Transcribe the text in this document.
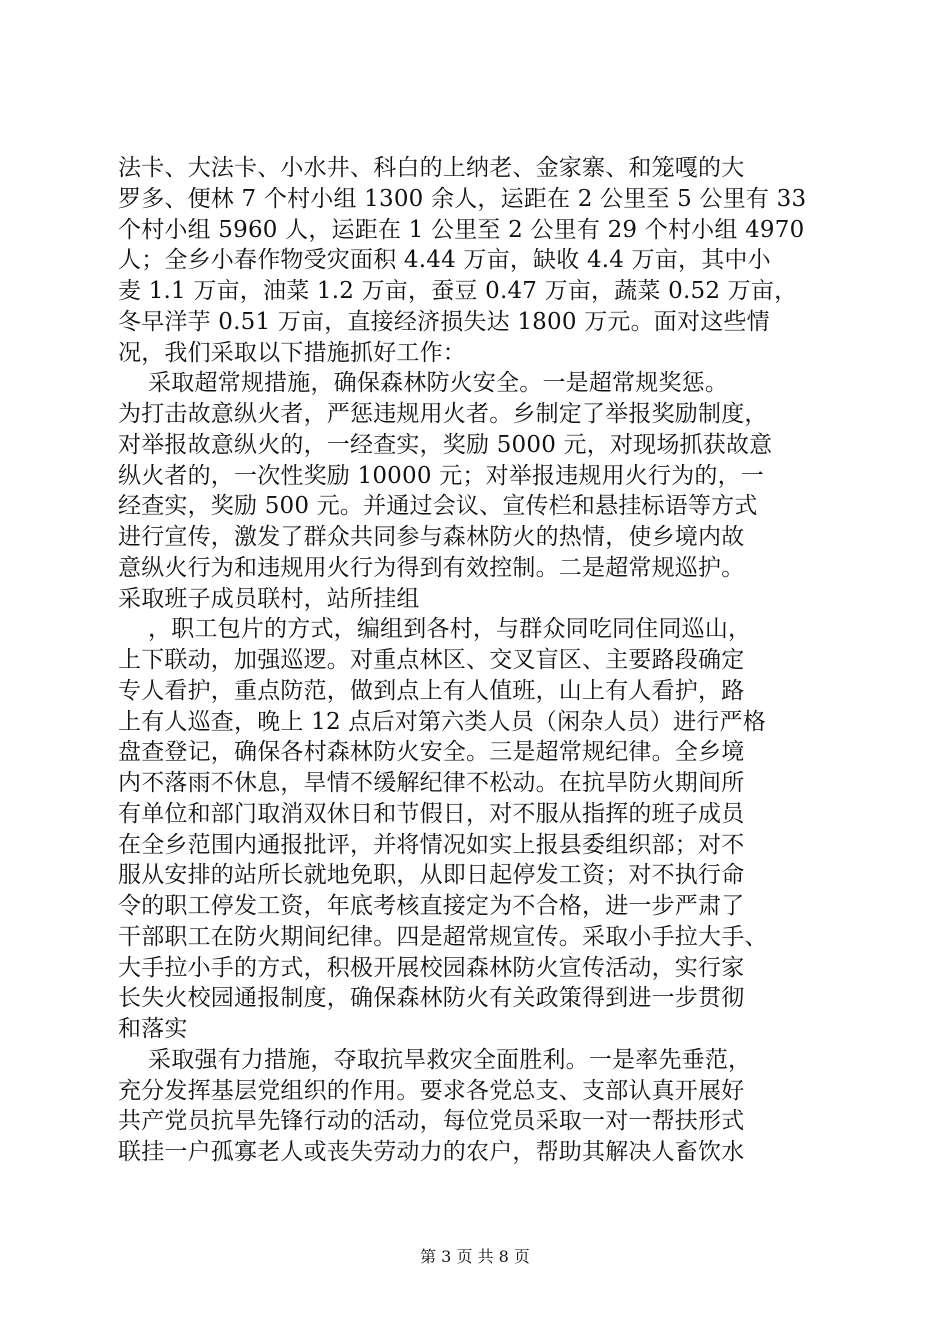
法卡、大法卡、小水井、科白的上纳老、金家寨、和笼嘎的大
罗多、便林 7 个村小组 1300 余人，运距在 2 公里至 5 公里有 33
个村小组 5960 人，运距在 1 公里至 2 公里有 29 个村小组 4970
人；全乡小春作物受灾面积 4.44 万亩，缺收 4.4 万亩，其中小
麦 1.1 万亩，油菜 1.2 万亩，蚕豆 0.47 万亩，蔬菜 0.52 万亩，
冬早洋芋 0.51 万亩，直接经济损失达 1800 万元。面对这些情
况，我们采取以下措施抓好工作：
采取超常规措施，确保森林防火安全。一是超常规奖惩。
为打击故意纵火者，严惩违规用火者。乡制定了举报奖励制度，
对举报故意纵火的，一经查实，奖励 5000 元，对现场抓获故意
纵火者的，一次性奖励 10000 元；对举报违规用火行为的，一
经查实，奖励 500 元。并通过会议、宣传栏和悬挂标语等方式
进行宣传，激发了群众共同参与森林防火的热情，使乡境内故
意纵火行为和违规用火行为得到有效控制。二是超常规巡护。
采取班子成员联村，站所挂组
，职工包片的方式，编组到各村，与群众同吃同住同巡山，
上下联动，加强巡逻。对重点林区、交叉盲区、主要路段确定
专人看护，重点防范，做到点上有人值班，山上有人看护，路
上有人巡查，晚上 12 点后对第六类人员（闲杂人员）进行严格
盘查登记，确保各村森林防火安全。三是超常规纪律。全乡境
内不落雨不休息，旱情不缓解纪律不松动。在抗旱防火期间所
有单位和部门取消双休日和节假日，对不服从指挥的班子成员
在全乡范围内通报批评，并将情况如实上报县委组织部；对不
服从安排的站所长就地免职，从即日起停发工资；对不执行命
令的职工停发工资，年底考核直接定为不合格，进一步严肃了
干部职工在防火期间纪律。四是超常规宣传。采取小手拉大手、
大手拉小手的方式，积极开展校园森林防火宣传活动，实行家
长失火校园通报制度，确保森林防火有关政策得到进一步贯彻
和落实
采取强有力措施，夺取抗旱救灾全面胜利。一是率先垂范，
充分发挥基层党组织的作用。要求各党总支、支部认真开展好
共产党员抗旱先锋行动的活动，每位党员采取一对一帮扶形式
联挂一户孤寡老人或丧失劳动力的农户，帮助其解决人畜饮水
第 3 页 共 8 页
